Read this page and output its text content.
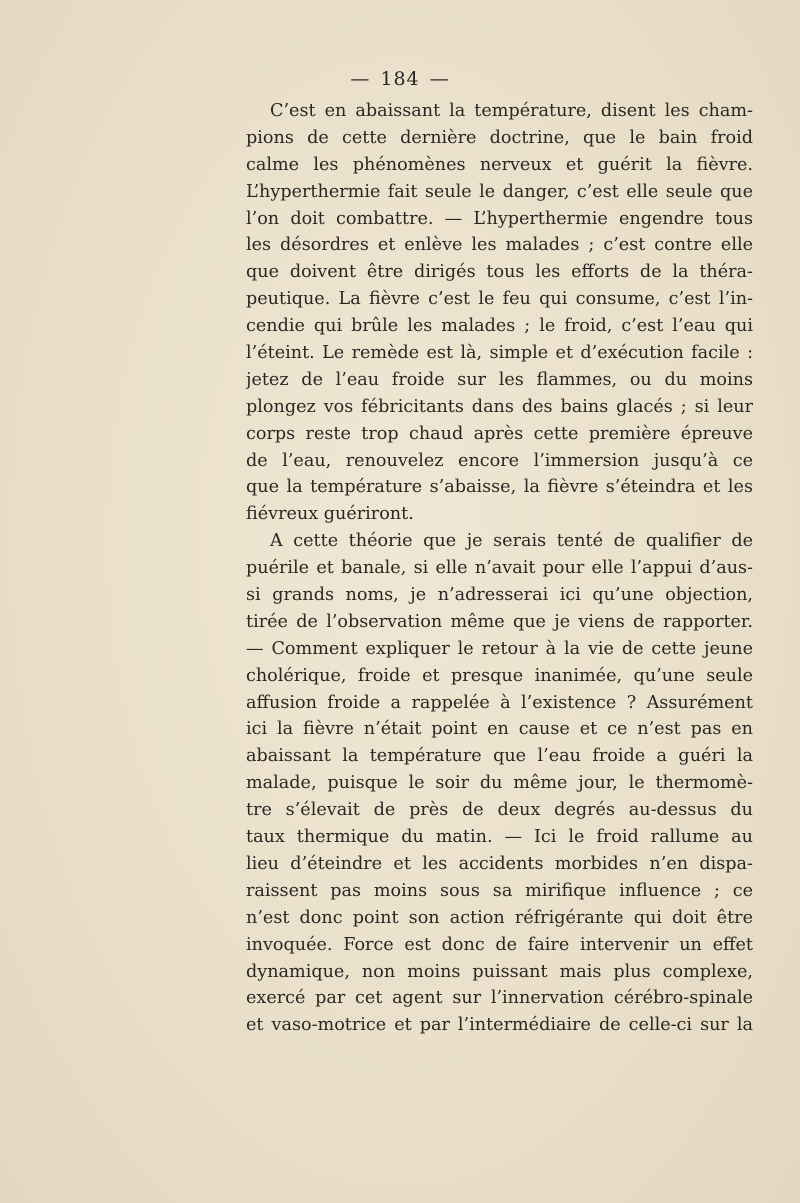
— 184 —
C’est en abaissant la température, disent les cham-
pions de cette dernière doctrine, que le bain froid
calme les phénomènes nerveux et guérit la fièvre.
L’hyperthermie fait seule le danger, c’est elle seule que
l’on doit combattre. — L’hyperthermie engendre tous
les désordres et enlève les malades ; c’est contre elle
que doivent être dirigés tous les efforts de la théra-
peutique. La fièvre c’est le feu qui consume, c’est l’in-
cendie qui brûle les malades ; le froid, c’est l’eau qui
l’éteint. Le remède est là, simple et d’exécution facile :
jetez de l’eau froide sur les flammes, ou du moins
plongez vos fébricitants dans des bains glacés ; si leur
corps reste trop chaud après cette première épreuve
de l’eau, renouvelez encore l’immersion jusqu’à ce
que la température s’abaisse, la fièvre s’éteindra et les
fiévreux guériront.
A cette théorie que je serais tenté de qualifier de
puérile et banale, si elle n’avait pour elle l’appui d’aus-
si grands noms, je n’adresserai ici qu’une objection,
tirée de l’observation même que je viens de rapporter.
— Comment expliquer le retour à la vie de cette jeune
cholérique, froide et presque inanimée, qu’une seule
affusion froide a rappelée à l’existence ? Assurément
ici la fièvre n’était point en cause et ce n’est pas en
abaissant la température que l’eau froide a guéri la
malade, puisque le soir du même jour, le thermomè-
tre s’élevait de près de deux degrés au-dessus du
taux thermique du matin. — Ici le froid rallume au
lieu d’éteindre et les accidents morbides n’en dispa-
raissent pas moins sous sa mirifique influence ; ce
n’est donc point son action réfrigérante qui doit être
invoquée. Force est donc de faire intervenir un effet
dynamique, non moins puissant mais plus complexe,
exercé par cet agent sur l’innervation cérébro-spinale
et vaso-motrice et par l’intermédiaire de celle-ci sur la
